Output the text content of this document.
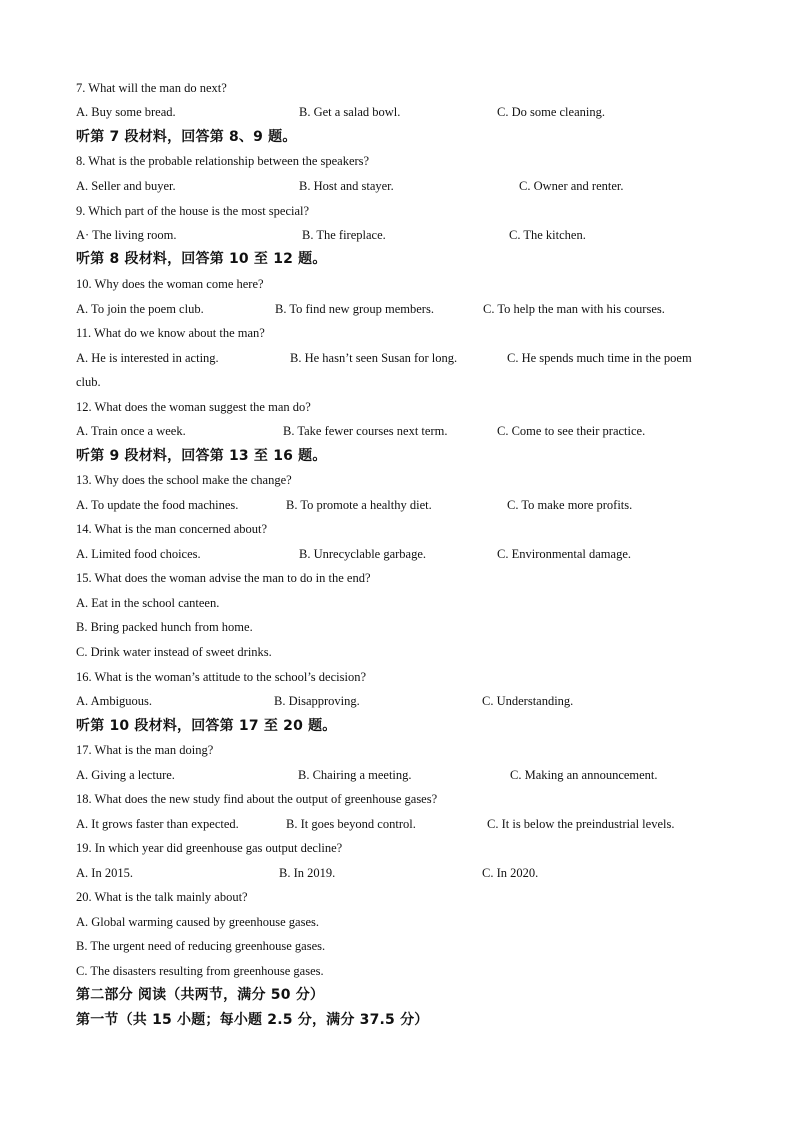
7. What will the man do next?
A. Buy some bread.	B. Get a salad bowl.	C. Do some cleaning.
听第 7 段材料，回答第 8、9 题。
8. What is the probable relationship between the speakers?
A. Seller and buyer.	B. Host and stayer.	C. Owner and renter.
9. Which part of the house is the most special?
A· The living room.	B. The fireplace.	C. The kitchen.
听第 8 段材料，回答第 10 至 12 题。
10. Why does the woman come here?
A. To join the poem club.	B. To find new group members.	C. To help the man with his courses.
11. What do we know about the man?
A. He is interested in acting.	B. He hasn’t seen Susan for long.	C. He spends much time in the poem
club.
12. What does the woman suggest the man do?
A. Train once a week.	B. Take fewer courses next term.	C. Come to see their practice.
听第 9 段材料，回答第 13 至 16 题。
13. Why does the school make the change?
A. To update the food machines.	B. To promote a healthy diet.	C. To make more profits.
14. What is the man concerned about?
A. Limited food choices.	B. Unrecyclable garbage.	C. Environmental damage.
15. What does the woman advise the man to do in the end?
A. Eat in the school canteen.
B. Bring packed hunch from home.
C. Drink water instead of sweet drinks.
16. What is the woman’s attitude to the school’s decision?
A. Ambiguous.	B. Disapproving.	C. Understanding.
听第 10 段材料，回答第 17 至 20 题。
17. What is the man doing?
A. Giving a lecture.	B. Chairing a meeting.	C. Making an announcement.
18. What does the new study find about the output of greenhouse gases?
A. It grows faster than expected.	B. It goes beyond control.	C. It is below the preindustrial levels.
19. In which year did greenhouse gas output decline?
A. In 2015.	B. In 2019.	C. In 2020.
20. What is the talk mainly about?
A. Global warming caused by greenhouse gases.
B. The urgent need of reducing greenhouse gases.
C. The disasters resulting from greenhouse gases.
第二部分 阅读（共两节，满分 50 分）
第一节（共 15 小题；每小题 2.5 分，满分 37.5 分）
